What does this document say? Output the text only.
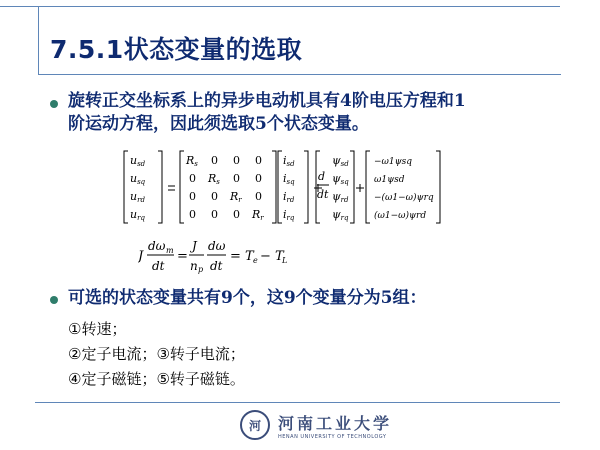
7.5.1状态变量的选取
旋转正交坐标系上的异步电动机具有4阶电压方程和1
阶运动方程，因此须选取5个状态变量。
usd
usq
urd
urq
Rs 0 0 0
0 Rs 0 0
0 0 Rr 0
0 0 0 Rr
isd
isq
ird
irq
d
dt
ψsd
ψsq
ψrd
ψrq
−ω1ψsq
ω1ψsd
−(ω1−ω)ψrq
(ω1−ω)ψrd
J
dω m
dt
=
J
n p
dω
dt
= T e − T
L
可选的状态变量共有9个，这9个变量分为5组：
①转速；
②定子电流；③转子电流；
④定子磁链；⑤转子磁链。
河	河南工业大学
HENAN UNIVERSITY OF TECHNOLOGY
